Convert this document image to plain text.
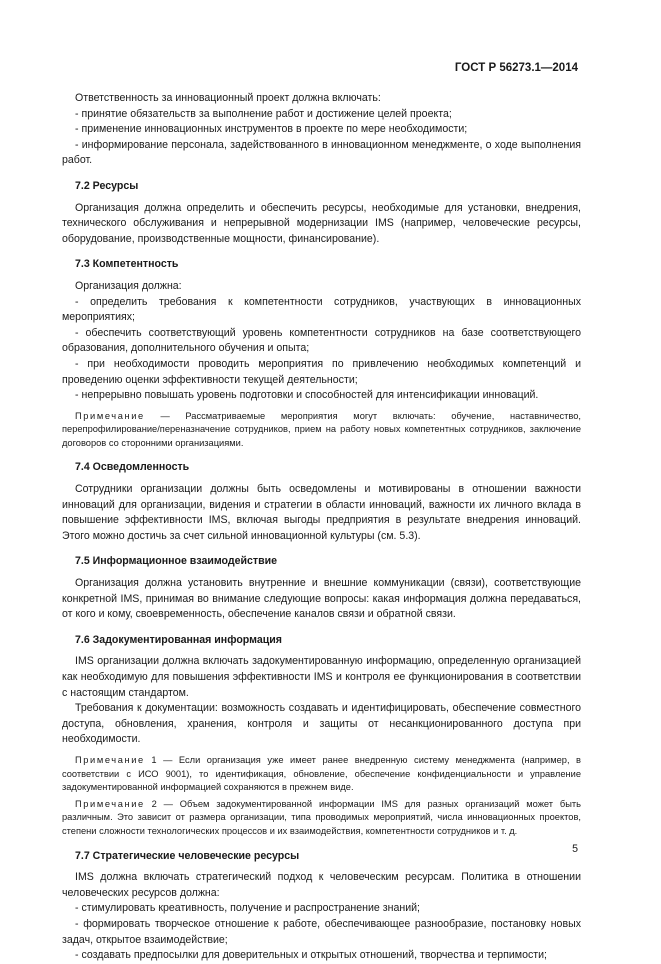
ГОСТ Р 56273.1—2014

Ответственность за инновационный проект должна включать:

- принятие обязательств за выполнение работ и достижение целей проекта;

- применение инновационных инструментов в проекте по мере необходимости;

- информирование персонала, задействованного в инновационном менеджменте, о ходе выполнения работ.

7.2 Ресурсы

Организация должна определить и обеспечить ресурсы, необходимые для установки, внедрения, технического обслуживания и непрерывной модернизации IMS (например, человеческие ресурсы, оборудование, производственные мощности, финансирование).

7.3 Компетентность

Организация должна:

- определить требования к компетентности сотрудников, участвующих в инновационных мероприятиях;

- обеспечить соответствующий уровень компетентности сотрудников на базе соответствующего образования, дополнительного обучения и опыта;

- при необходимости проводить мероприятия по привлечению необходимых компетенций и проведению оценки эффективности текущей деятельности;

- непрерывно повышать уровень подготовки и способностей для интенсификации инноваций.

Примечание — Рассматриваемые мероприятия могут включать: обучение, наставничество, перепрофилирование/переназначение сотрудников, прием на работу новых компетентных сотрудников, заключение договоров со сторонними организациями.

7.4 Осведомленность

Сотрудники организации должны быть осведомлены и мотивированы в отношении важности инноваций для организации, видения и стратегии в области инноваций, важности их личного вклада в повышение эффективности IMS, включая выгоды предприятия в результате внедрения инноваций. Этого можно достичь за счет сильной инновационной культуры (см. 5.3).

7.5 Информационное взаимодействие

Организация должна установить внутренние и внешние коммуникации (связи), соответствующие конкретной IMS, принимая во внимание следующие вопросы: какая информация должна передаваться, от кого и кому, своевременность, обеспечение каналов связи и обратной связи.

7.6 Задокументированная информация

IMS организации должна включать задокументированную информацию, определенную организацией как необходимую для повышения эффективности IMS и контроля ее функционирования в соответствии с настоящим стандартом.

Требования к документации: возможность создавать и идентифицировать, обеспечение совместного доступа, обновления, хранения, контроля и защиты от несанкционированного доступа при необходимости.

Примечание 1 — Если организация уже имеет ранее внедренную систему менеджмента (например, в соответствии с ИСО 9001), то идентификация, обновление, обеспечение конфиденциальности и управление задокументированной информацией сохраняются в прежнем виде.

Примечание 2 — Объем задокументированной информации IMS для разных организаций может быть различным. Это зависит от размера организации, типа проводимых мероприятий, числа инновационных проектов, степени сложности технологических процессов и их взаимодействия, компетентности сотрудников и т. д.

7.7 Стратегические человеческие ресурсы

IMS должна включать стратегический подход к человеческим ресурсам. Политика в отношении человеческих ресурсов должна:

- стимулировать креативность, получение и распространение знаний;

- формировать творческое отношение к работе, обеспечивающее разнообразие, постановку новых задач, открытое взаимодействие;

- создавать предпосылки для доверительных и открытых отношений, творчества и терпимости;

5
